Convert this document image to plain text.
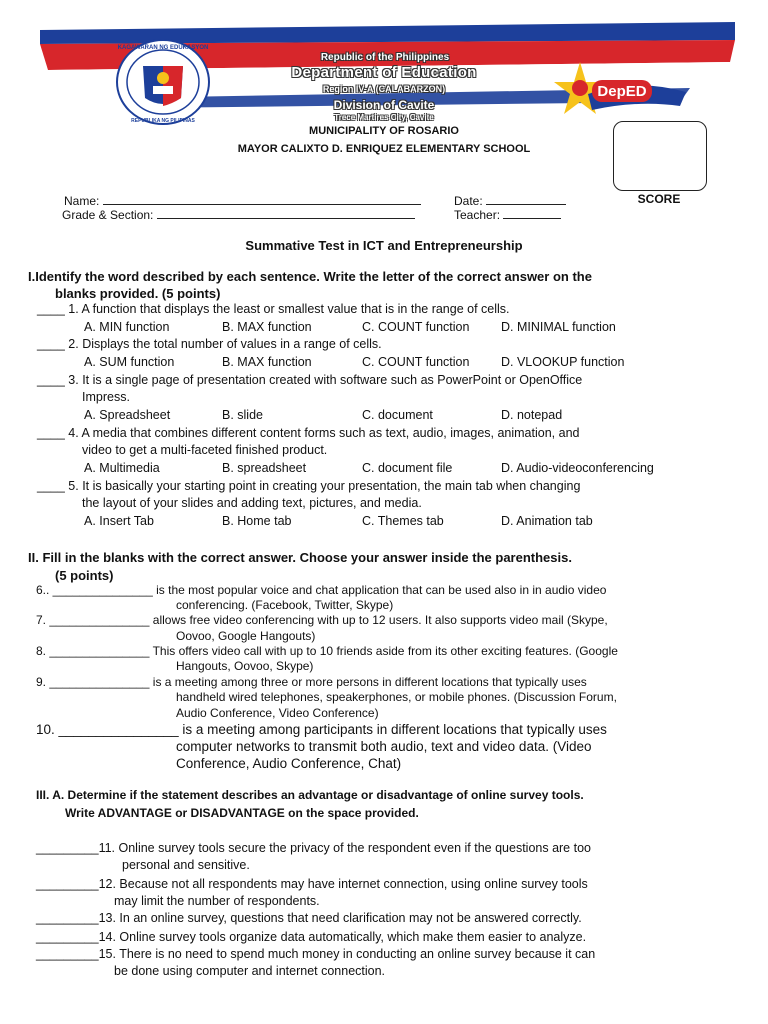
KAGAWARAN NG EDUKASYON
REPUBLIKA NG PILIPINAS
DepED
CAVITE
Republic of the Philippines
Department of Education
Region IV-A (CALABARZON)
Division of Cavite
Trece Martires City, Cavite
MUNICIPALITY OF ROSARIO
MAYOR CALIXTO D. ENRIQUEZ ELEMENTARY SCHOOL
SCORE
Name:	Date:
Grade & Section:	Teacher:
Summative Test in ICT and Entrepreneurship
I.Identify the word described by each sentence. Write the letter of the correct answer on the
blanks provided. (5 points)
____ 1. A function that displays the least or smallest value that is in the range of cells.
A. MIN function	B. MAX function	C. COUNT function	D. MINIMAL function
____ 2. Displays the total number of values in a range of cells.
A. SUM function	B. MAX function	C. COUNT function	D. VLOOKUP function
____ 3. It is a single page of presentation created with software such as PowerPoint or OpenOffice
Impress.
A. Spreadsheet	B. slide	C. document	D. notepad
____ 4. A media that combines different content forms such as text, audio, images, animation, and
video to get a multi-faceted finished product.
A. Multimedia	B. spreadsheet	C. document file	D. Audio-videoconferencing
____ 5. It is basically your starting point in creating your presentation, the main tab when changing
the layout of your slides and adding text, pictures, and media.
A. Insert Tab	B. Home tab	C. Themes tab	D. Animation tab
II. Fill in the blanks with the correct answer. Choose your answer inside the parenthesis.
(5 points)
6.. _______________ is the most popular voice and chat application that can be used also in in audio video
conferencing. (Facebook, Twitter, Skype)
7. _______________ allows free video conferencing with up to 12 users. It also supports video mail (Skype,
Oovoo, Google Hangouts)
8. _______________ This offers video call with up to 10 friends aside from its other exciting features. (Google
Hangouts, Oovoo, Skype)
9. _______________ is a meeting among three or more persons in different locations that typically uses
handheld wired telephones, speakerphones, or mobile phones. (Discussion Forum,
Audio Conference, Video Conference)
10. ________________ is a meeting among participants in different locations that typically uses
computer networks to transmit both audio, text and video data. (Video
Conference, Audio Conference, Chat)
III. A. Determine if the statement describes an advantage or disadvantage of online survey tools.
Write ADVANTAGE or DISADVANTAGE on the space provided.
_________11. Online survey tools secure the privacy of the respondent even if the questions are too
personal and sensitive.
_________12. Because not all respondents may have internet connection, using online survey tools
may limit the number of respondents.
_________13. In an online survey, questions that need clarification may not be answered correctly.
_________14. Online survey tools organize data automatically, which make them easier to analyze.
_________15. There is no need to spend much money in conducting an online survey because it can
be done using computer and internet connection.
